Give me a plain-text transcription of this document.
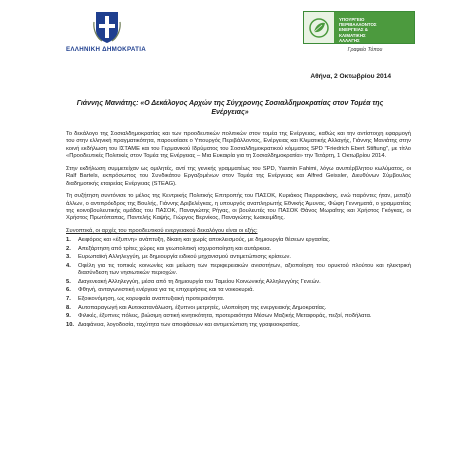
ΕΛΛΗΝΙΚΗ ΔΗΜΟΚΡΑΤΙΑ
ΥΠΟΥΡΓΕΙΟ
ΠΕΡΙΒΑΛΛΟΝΤΟΣ
ΕΝΕΡΓΕΙΑΣ &
ΚΛΙΜΑΤΙΚΗΣ
ΑΛΛΑΓΗΣ
Γραφείο Τύπου
Αθήνα, 2 Οκτωβρίου 2014
Γιάννης Μανιάτης: «Ο Δεκάλογος Αρχών της Σύγχρονης Σοσιαλδημοκρατίας στον Τομέα της Ενέργειας»

Το δεκάλογο της Σοσιαλδημοκρατίας και των προοδευτικών πολιτικών στον τομέα της Ενέργειας, καθώς και την αντίστοιχη εφαρμογή του στην ελληνική πραγματικότητα, παρουσίασε ο Υπουργός Περιβάλλοντος, Ενέργειας και Κλιματικής Αλλαγής, Γιάννης Μανιάτης στην κοινή εκδήλωση του ΙΣΤΑΜΕ και του Γερμανικού Ιδρύματος του Σοσιαλδημοκρατικού κόμματος SPD "Friedrich Ebert Stiftung", με τίτλο «Προοδευτικές Πολιτικές στον Τομέα της Ενέργειας – Μια Ευκαιρία για τη Σοσιαλδημοκρατία» την Τετάρτη, 1 Οκτωβρίου 2014.

Στην εκδήλωση συμμετείχαν ως ομιλητές, αντί της γενικής γραμματέως του SPD, Yasmin Fahimi, λόγω ανυπέρβλητου κωλύματος, οι Ralf Bartels, εκπρόσωπος του Συνδικάτου Εργαζομένων στον Τομέα της Ενέργειας και Alfred Geissler, Διευθύνων Σύμβουλος διαδημοτικής εταιρείας Ενέργειας (STEAG).

Τη συζήτηση συντόνισε το μέλος της Κεντρικής Πολιτικής Επιτροπής του ΠΑΣΟΚ, Κυριάκος Πιερρακάκης, ενώ παρόντες ήταν, μεταξύ άλλων, ο αντιπρόεδρος της Βουλής, Γιάννης Δριβελέγκας, η υπουργός αναπληρωτής Εθνικής Άμυνας, Φώφη Γεννηματά, ο γραμματέας της κοινοβουλευτικής ομάδας του ΠΑΣΟΚ, Παναγιώτης Ρήγας, οι βουλευτές του ΠΑΣΟΚ Θάνος Μωραΐτης και Χρήστος Γκόγκας, οι Χρήστος Πρωτόπαπας, Παντελής Καψής, Γιώργος Βερνίκος, Παναγιώτης Ιωακειμίδης.

Συνοπτικά, οι αρχές του προοδευτικού ενεργειακού δεκαλόγου είναι οι εξής:

1.	Αειφόρος και «έξυπνη» ανάπτυξη, δίκαιη και χωρίς αποκλεισμούς, με δημιουργία θέσεων εργασίας.
2.	Απεξάρτηση από τρίτες χώρες και γεωπολιτική ισχυροποίηση και αυτάρκεια.
3.	Ευρωπαϊκή Αλληλεγγύη, με δημιουργία ειδικού μηχανισμού αντιμετώπισης κρίσεων.
4.	Οφέλη για τις τοπικές κοινωνίες και μείωση των περιφερειακών ανισοτήτων, αξιοποίηση του ορυκτού πλούτου και ηλεκτρική διασύνδεση των νησιωτικών περιοχών.
5.	Διαγενεακή Αλληλεγγύη, μέσα από τη δημιουργία του Ταμείου Κοινωνικής Αλληλεγγύης Γενεών.
6.	Φθηνή, ανταγωνιστική ενέργεια για τις επιχειρήσεις και τα νοικοκυριά.
7.	Εξοικονόμηση, ως κορυφαία αναπτυξιακή προτεραιότητα.
8.	Αυτοπαραγωγή και Αυτοκατανάλωση, έξυπνοι μετρητές, υλοποίηση της ενεργειακής Δημοκρατίας.
9.	Φιλικές, έξυπνες πόλεις, βιώσιμη αστική κινητικότητα, προτεραιότητα Μέσων Μαζικής Μεταφοράς, πεζοί, ποδήλατα.
10. Διαφάνεια, λογοδοσία, ταχύτητα των αποφάσεων και αντιμετώπιση της γραφειοκρατίας.
